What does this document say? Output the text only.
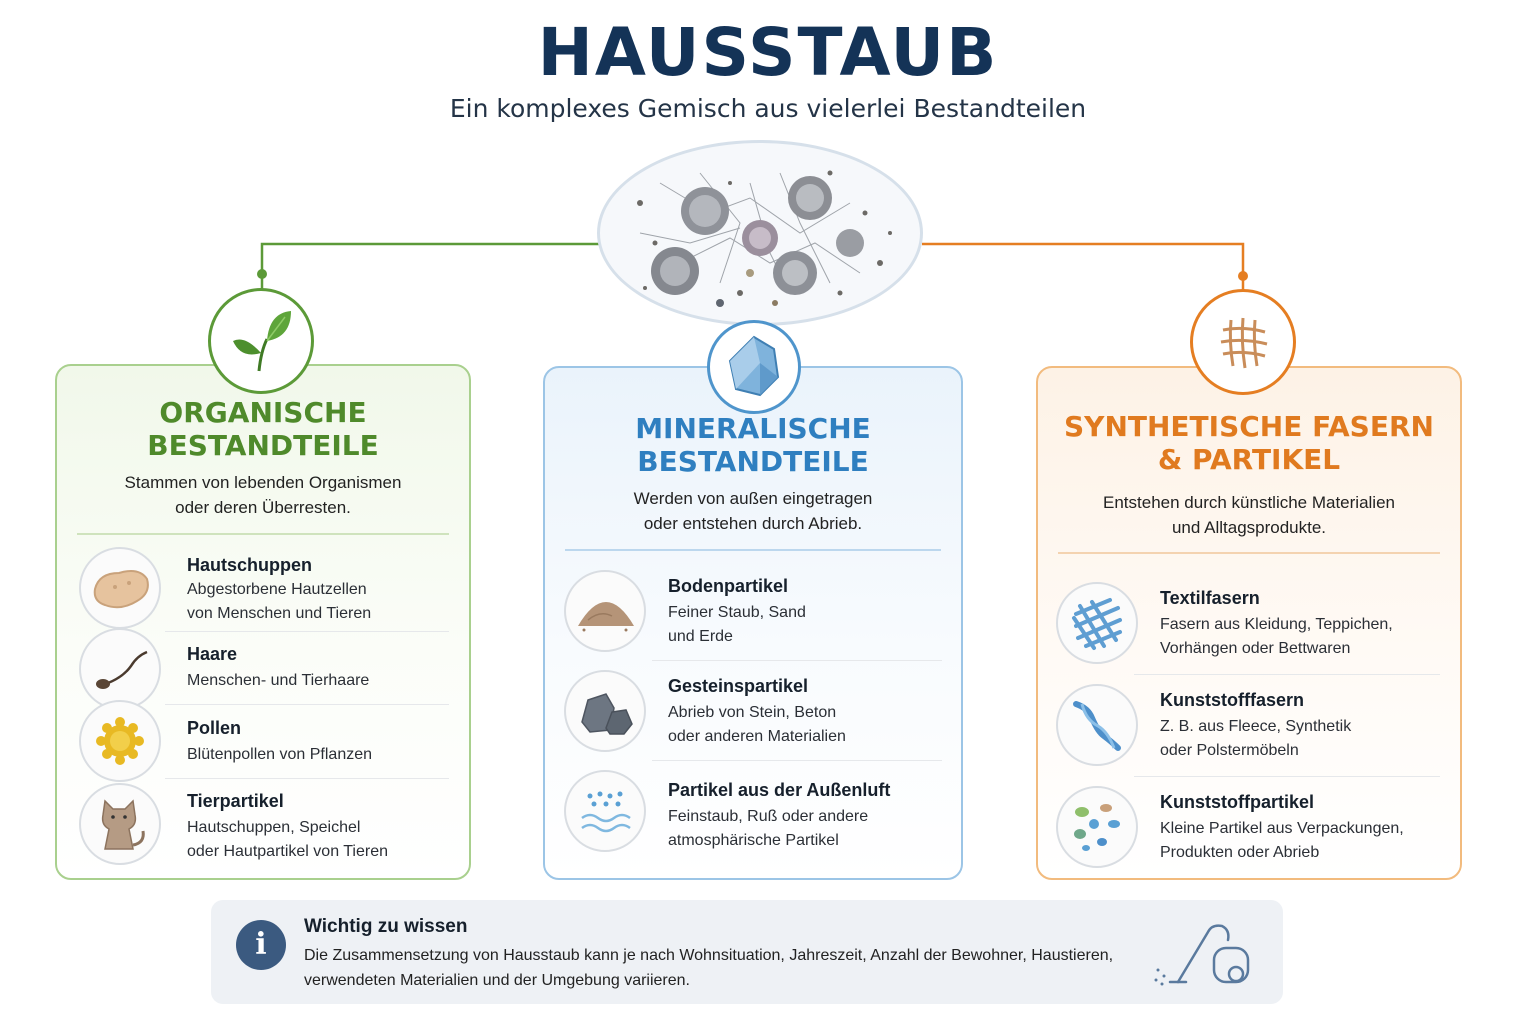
HAUSSTAUB
Ein komplexes Gemisch aus vielerlei Bestandteilen
ORGANISCHE
BESTANDTEILE
Stammen von lebenden Organismen
oder deren Überresten.
MINERALISCHE
BESTANDTEILE
Werden von außen eingetragen
oder entstehen durch Abrieb.
SYNTHETISCHE FASERN
& PARTIKEL
Entstehen durch künstliche Materialien
und Alltagsprodukte.
Hautschuppen
Abgestorbene Hautzellen
von Menschen und Tieren
Haare
Menschen- und Tierhaare
Pollen
Blütenpollen von Pflanzen
Tierpartikel
Hautschuppen, Speichel
oder Hautpartikel von Tieren
Bodenpartikel
Feiner Staub, Sand
und Erde
Gesteinspartikel
Abrieb von Stein, Beton
oder anderen Materialien
Partikel aus der Außenluft
Feinstaub, Ruß oder andere
atmosphärische Partikel
Textilfasern
Fasern aus Kleidung, Teppichen,
Vorhängen oder Bettwaren
Kunststofffasern
Z. B. aus Fleece, Synthetik
oder Polstermöbeln
Kunststoffpartikel
Kleine Partikel aus Verpackungen,
Produkten oder Abrieb
i
Wichtig zu wissen
Die Zusammensetzung von Hausstaub kann je nach Wohnsituation, Jahreszeit, Anzahl der Bewohner, Haustieren, verwendeten Materialien und der Umgebung variieren.
